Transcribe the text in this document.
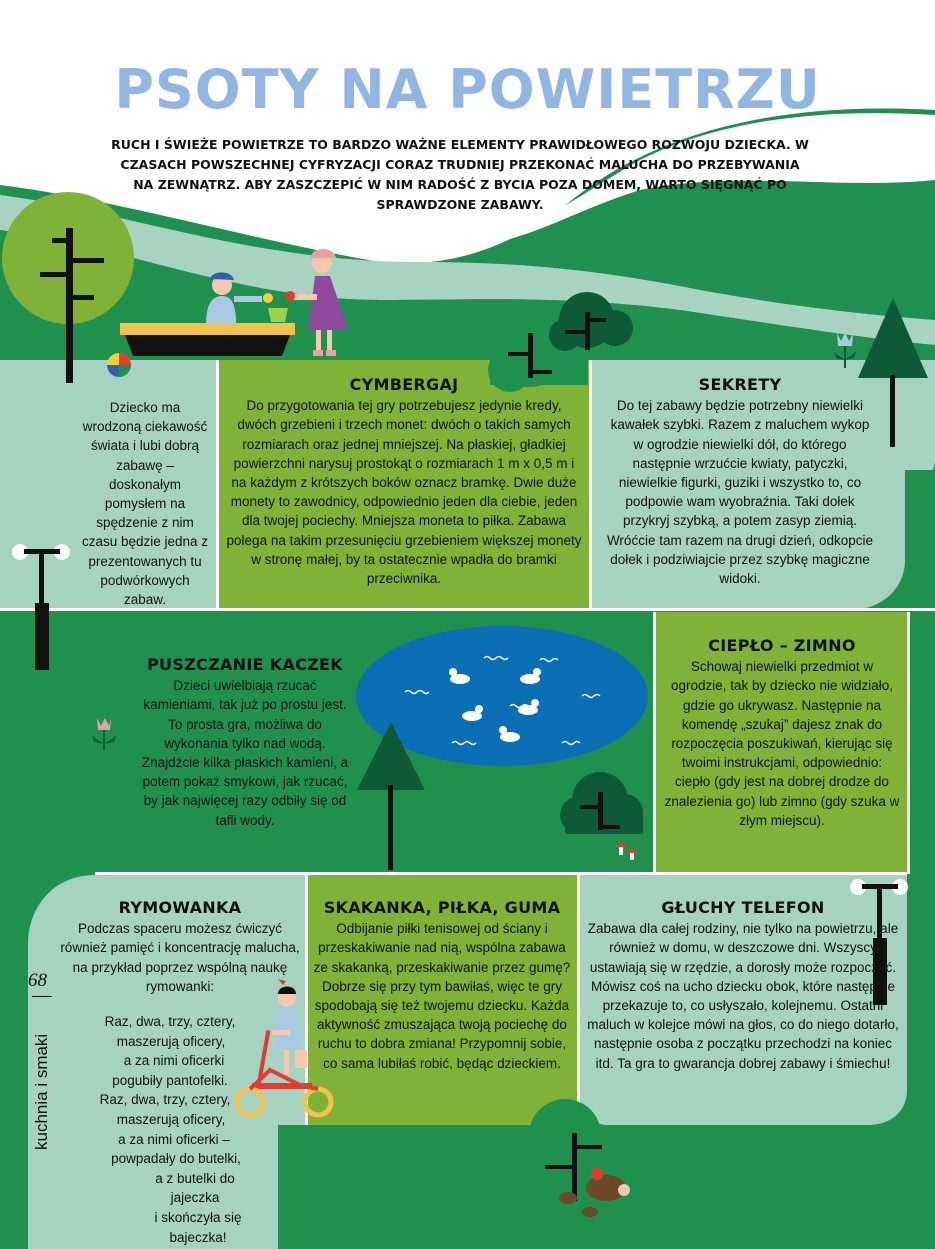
PSOTY NA POWIETRZU
RUCH I ŚWIEŻE POWIETRZE TO BARDZO WAŻNE ELEMENTY PRAWIDŁOWEGO ROZWOJU DZIECKA. W CZASACH POWSZECHNEJ CYFRYZACJI CORAZ TRUDNIEJ PRZEKONAĆ MALUCHA DO PRZEBYWANIA NA ZEWNĄTRZ. ABY ZASZCZEPIĆ W NIM RADOŚĆ Z BYCIA POZA DOMEM, WARTO SIĘGNĄĆ PO SPRAWDZONE ZABAWY.

Dziecko ma wrodzoną ciekawość świata i lubi dobrą zabawę – doskonałym pomysłem na spędzenie z nim czasu będzie jedna z prezentowanych tu podwórkowych zabaw.

CYMBERGAJ

Do przygotowania tej gry potrzebujesz jedynie kredy, dwóch grzebieni i trzech monet: dwóch o takich samych rozmiarach oraz jednej mniejszej. Na płaskiej, gładkiej powierzchni narysuj prostokąt o rozmiarach 1 m x 0,5 m i na każdym z krótszych boków oznacz bramkę. Dwie duże monety to zawodnicy, odpowiednio jeden dla ciebie, jeden dla twojej pociechy. Mniejsza moneta to piłka. Zabawa polega na takim przesunięciu grzebieniem większej monety w stronę małej, by ta ostatecznie wpadła do bramki przeciwnika.

SEKRETY

Do tej zabawy będzie potrzebny niewielki kawałek szybki. Razem z maluchem wykop w ogrodzie niewielki dół, do którego następnie wrzućcie kwiaty, patyczki, niewielkie figurki, guziki i wszystko to, co podpowie wam wyobraźnia. Taki dołek przykryj szybką, a potem zasyp ziemią. Wróćcie tam razem na drugi dzień, odkopcie dołek i podziwiajcie przez szybkę magiczne widoki.

PUSZCZANIE KACZEK

Dzieci uwielbiają rzucać kamieniami, tak już po prostu jest. To prosta gra, możliwa do wykonania tylko nad wodą. Znajdźcie kilka płaskich kamieni, a potem pokaż smykowi, jak rzucać, by jak najwięcej razy odbiły się od tafli wody.

CIEPŁO – ZIMNO

Schowaj niewielki przedmiot w ogrodzie, tak by dziecko nie widziało, gdzie go ukrywasz. Następnie na komendę „szukaj” dajesz znak do rozpoczęcia poszukiwań, kierując się twoimi instrukcjami, odpowiednio: ciepło (gdy jest na dobrej drodze do znalezienia go) lub zimno (gdy szuka w złym miejscu).

RYMOWANKA

Podczas spaceru możesz ćwiczyć również pamięć i koncentrację malucha, na przykład poprzez wspólną naukę rymowanki:

Raz, dwa, trzy, cztery,
maszerują oficery,
a za nimi oficerki
pogubiły pantofelki.
Raz, dwa, trzy, cztery,
maszerują oficery,
a za nimi oficerki –
powpadały do butelki,
a z butelki do jajeczka
i skończyła się bajeczka!
SKAKANKA, PIŁKA, GUMA

Odbijanie piłki tenisowej od ściany i przeskakiwanie nad nią, wspólna zabawa ze skakanką, przeskakiwanie przez gumę? Dobrze się przy tym bawiłaś, więc te gry spodobają się też twojemu dziecku. Każda aktywność zmuszająca twoją pociechę do ruchu to dobra zmiana! Przypomnij sobie, co sama lubiłaś robić, będąc dzieckiem.

GŁUCHY TELEFON

Zabawa dla całej rodziny, nie tylko na powietrzu, ale również w domu, w deszczowe dni. Wszyscy ustawiają się w rzędzie, a dorosły może rozpocząć. Mówisz coś na ucho dziecku obok, które następnie przekazuje to, co usłyszało, kolejnemu. Ostatni maluch w kolejce mówi na głos, co do niego dotarło, następnie osoba z początku przechodzi na koniec itd. Ta gra to gwarancja dobrej zabawy i śmiechu!

68
kuchnia i smaki
